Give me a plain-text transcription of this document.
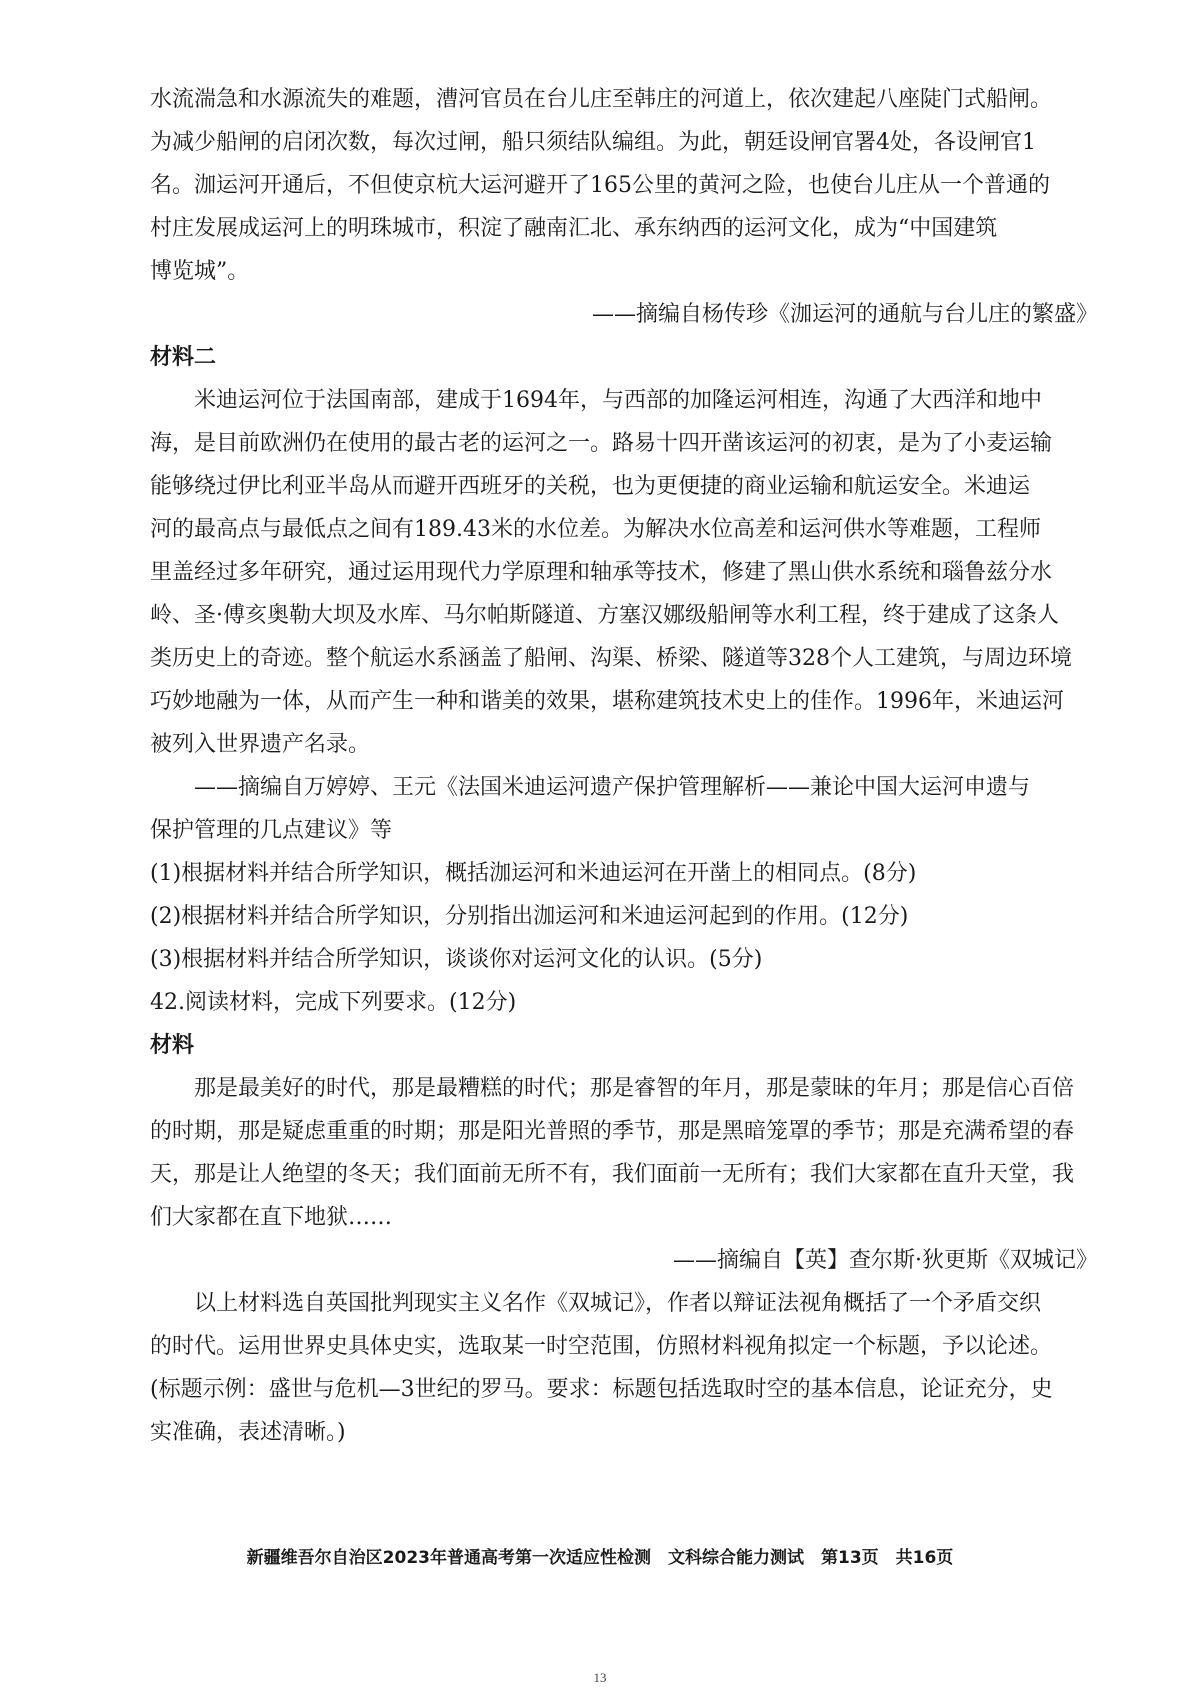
水流湍急和水源流失的难题，漕河官员在台儿庄至韩庄的河道上，依次建起八座陡门式船闸。
为减少船闸的启闭次数，每次过闸，船只须结队编组。为此，朝廷设闸官署4处，各设闸官1
名。泇运河开通后，不但使京杭大运河避开了165公里的黄河之险，也使台儿庄从一个普通的
村庄发展成运河上的明珠城市，积淀了融南汇北、承东纳西的运河文化，成为“中国建筑
博览城”。
——摘编自杨传珍《泇运河的通航与台儿庄的繁盛》
材料二
米迪运河位于法国南部，建成于1694年，与西部的加隆运河相连，沟通了大西洋和地中
海，是目前欧洲仍在使用的最古老的运河之一。路易十四开凿该运河的初衷，是为了小麦运输
能够绕过伊比利亚半岛从而避开西班牙的关税，也为更便捷的商业运输和航运安全。米迪运
河的最高点与最低点之间有189.43米的水位差。为解决水位高差和运河供水等难题，工程师
里盖经过多年研究，通过运用现代力学原理和轴承等技术，修建了黑山供水系统和瑙鲁兹分水
岭、圣·傅亥奥勒大坝及水库、马尔帕斯隧道、方塞汉娜级船闸等水利工程，终于建成了这条人
类历史上的奇迹。整个航运水系涵盖了船闸、沟渠、桥梁、隧道等328个人工建筑，与周边环境
巧妙地融为一体，从而产生一种和谐美的效果，堪称建筑技术史上的佳作。1996年，米迪运河
被列入世界遗产名录。
——摘编自万婷婷、王元《法国米迪运河遗产保护管理解析——兼论中国大运河申遗与
保护管理的几点建议》等
(1)根据材料并结合所学知识，概括泇运河和米迪运河在开凿上的相同点。(8分)
(2)根据材料并结合所学知识，分别指出泇运河和米迪运河起到的作用。(12分)
(3)根据材料并结合所学知识，谈谈你对运河文化的认识。(5分)
42.阅读材料，完成下列要求。(12分)
材料
那是最美好的时代，那是最糟糕的时代；那是睿智的年月，那是蒙昧的年月；那是信心百倍
的时期，那是疑虑重重的时期；那是阳光普照的季节，那是黑暗笼罩的季节；那是充满希望的春
天，那是让人绝望的冬天；我们面前无所不有，我们面前一无所有；我们大家都在直升天堂，我
们大家都在直下地狱……
——摘编自【英】查尔斯·狄更斯《双城记》
以上材料选自英国批判现实主义名作《双城记》，作者以辩证法视角概括了一个矛盾交织
的时代。运用世界史具体史实，选取某一时空范围，仿照材料视角拟定一个标题，予以论述。
(标题示例：盛世与危机—3世纪的罗马。要求：标题包括选取时空的基本信息，论证充分，史
实准确，表述清晰。)
新疆维吾尔自治区2023年普通高考第一次适应性检测　文科综合能力测试　第13页　共16页
13
